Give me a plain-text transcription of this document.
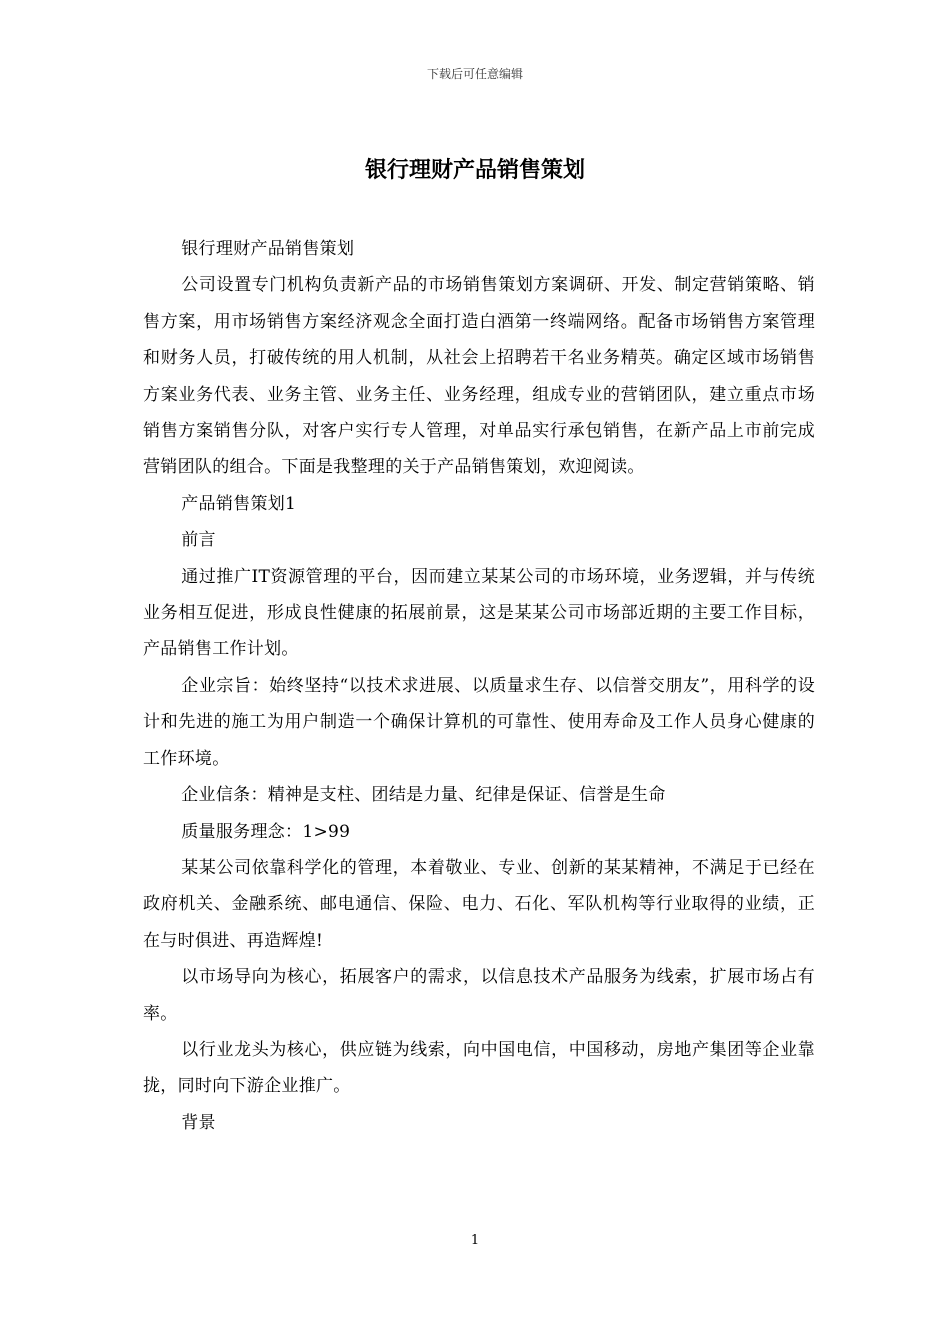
下载后可任意编辑
银行理财产品销售策划

银行理财产品销售策划

公司设置专门机构负责新产品的市场销售策划方案调研、开发、制定营销策略、销售方案，用市场销售方案经济观念全面打造白酒第一终端网络。配备市场销售方案管理和财务人员，打破传统的用人机制，从社会上招聘若干名业务精英。确定区域市场销售方案业务代表、业务主管、业务主任、业务经理，组成专业的营销团队，建立重点市场销售方案销售分队，对客户实行专人管理，对单品实行承包销售，在新产品上市前完成营销团队的组合。下面是我整理的关于产品销售策划，欢迎阅读。

产品销售策划1

前言

通过推广IT资源管理的平台，因而建立某某公司的市场环境，业务逻辑，并与传统业务相互促进，形成良性健康的拓展前景，这是某某公司市场部近期的主要工作目标，产品销售工作计划。

企业宗旨：始终坚持“以技术求进展、以质量求生存、以信誉交朋友”，用科学的设计和先进的施工为用户制造一个确保计算机的可靠性、使用寿命及工作人员身心健康的工作环境。

企业信条：精神是支柱、团结是力量、纪律是保证、信誉是生命

质量服务理念：1>99

某某公司依靠科学化的管理，本着敬业、专业、创新的某某精神，不满足于已经在政府机关、金融系统、邮电通信、保险、电力、石化、军队机构等行业取得的业绩，正在与时俱进、再造辉煌!

以市场导向为核心，拓展客户的需求，以信息技术产品服务为线索，扩展市场占有率。

以行业龙头为核心，供应链为线索，向中国电信，中国移动，房地产集团等企业靠拢，同时向下游企业推广。

背景

1
